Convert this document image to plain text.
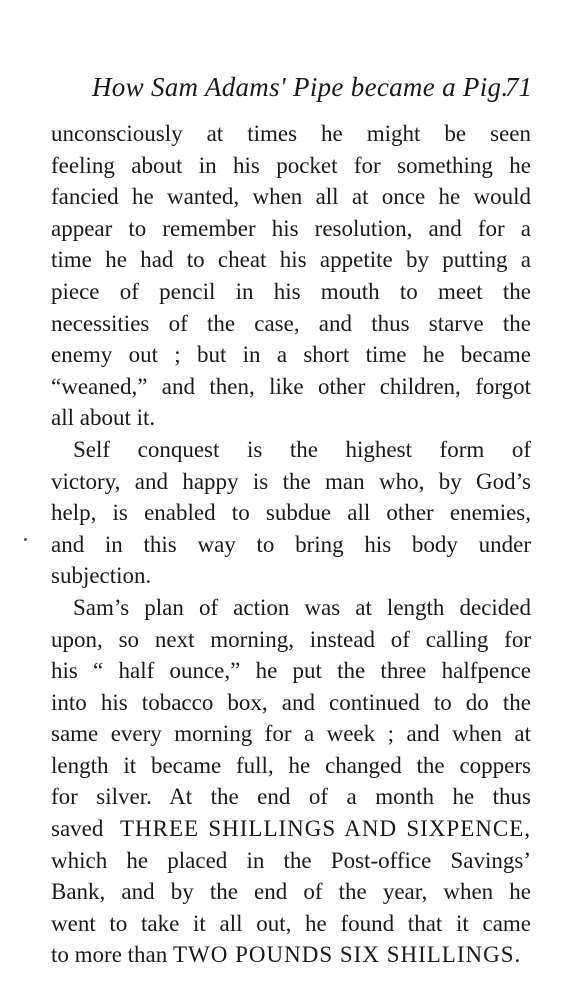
How Sam Adams' Pipe became a Pig.
71
unconsciously at times he might be seen
feeling about in his pocket for something he
fancied he wanted, when all at once he would
appear to remember his resolution, and for a
time he had to cheat his appetite by putting a
piece of pencil in his mouth to meet the
necessities of the case, and thus starve the
enemy out ; but in a short time he became
“weaned,” and then, like other children, forgot
all about it.
Self conquest is the highest form of
victory, and happy is the man who, by God’s
help, is enabled to subdue all other enemies,
and in this way to bring his body under
subjection.
Sam’s plan of action was at length decided
upon, so next morning, instead of calling for
his “ half ounce,” he put the three halfpence
into his tobacco box, and continued to do the
same every morning for a week ; and when at
length it became full, he changed the coppers
for silver. At the end of a month he thus
saved THREE SHILLINGS AND SIXPENCE,
which he placed in the Post-office Savings’
Bank, and by the end of the year, when he
went to take it all out, he found that it came
to more than TWO POUNDS SIX SHILLINGS.
